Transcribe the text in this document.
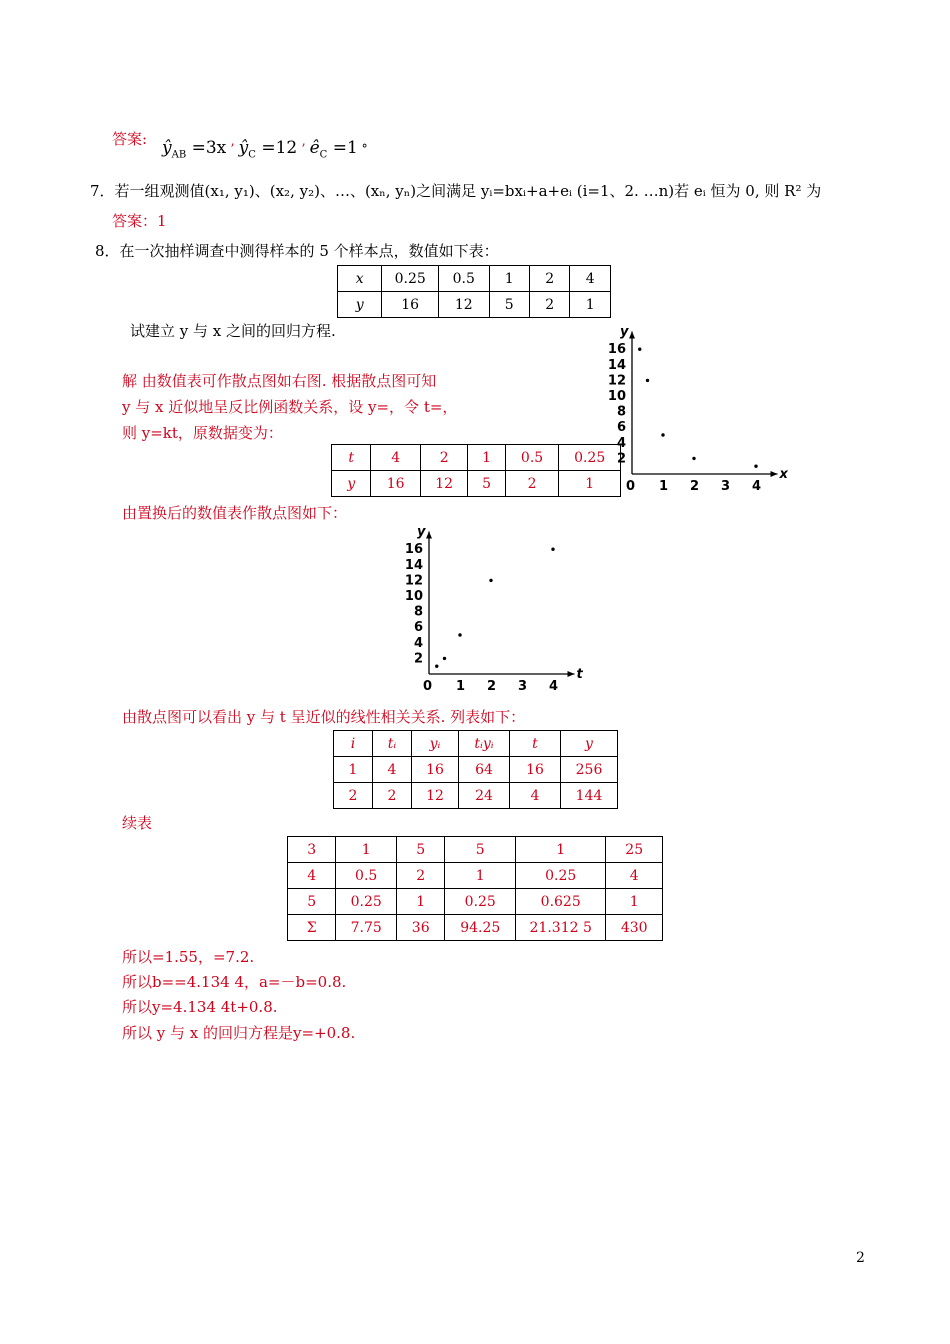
答案: $ŷ_{AB} =3x$ ’ $ŷ_C =12$ ’ $ê_C =1$ °
7．若一组观测值(x₁, y₁)、(x₂, y₂)、…、(xₙ, yₙ)之间满足 yᵢ=bxᵢ+a+eᵢ (i=1、2. …n)若 eᵢ 恒为 0, 则 R² 为
答案：1
8．在一次抽样调查中测得样本的 5 个样本点，数值如下表：
x	0.25	0.5	1	2	4
y	16	12	5	2	1
试建立 y 与 x 之间的回归方程.
解 由数值表可作散点图如右图. 根据散点图可知
y 与 x 近似地呈反比例函数关系，设 y=，令 t=，
则 y=kt，原数据变为：
t	4	2	1	0.5	0.25
y	16	12	5	2	1
x
y
0 1 2 3 4
2
4
6
8
10
12
14
16
由置换后的数值表作散点图如下：
t
y
0 1 2 3 4
2
4
6
8
10
12
14
16
由散点图可以看出 y 与 t 呈近似的线性相关关系. 列表如下：
i	tᵢ	yᵢ	tᵢyᵢ	t	y
1	4	16	64	16	256
2	2	12	24	4	144
续表
3	1	5	5	1	25
4	0.5	2	1	0.25	4
5	0.25	1	0.25	0.625	1
Σ	7.75	36	94.25	21.312 5	430
所以=1.55，=7.2.
所以b==4.134 4，a=－b=0.8.
所以y=4.134 4t+0.8.
所以 y 与 x 的回归方程是y=+0.8.
2
